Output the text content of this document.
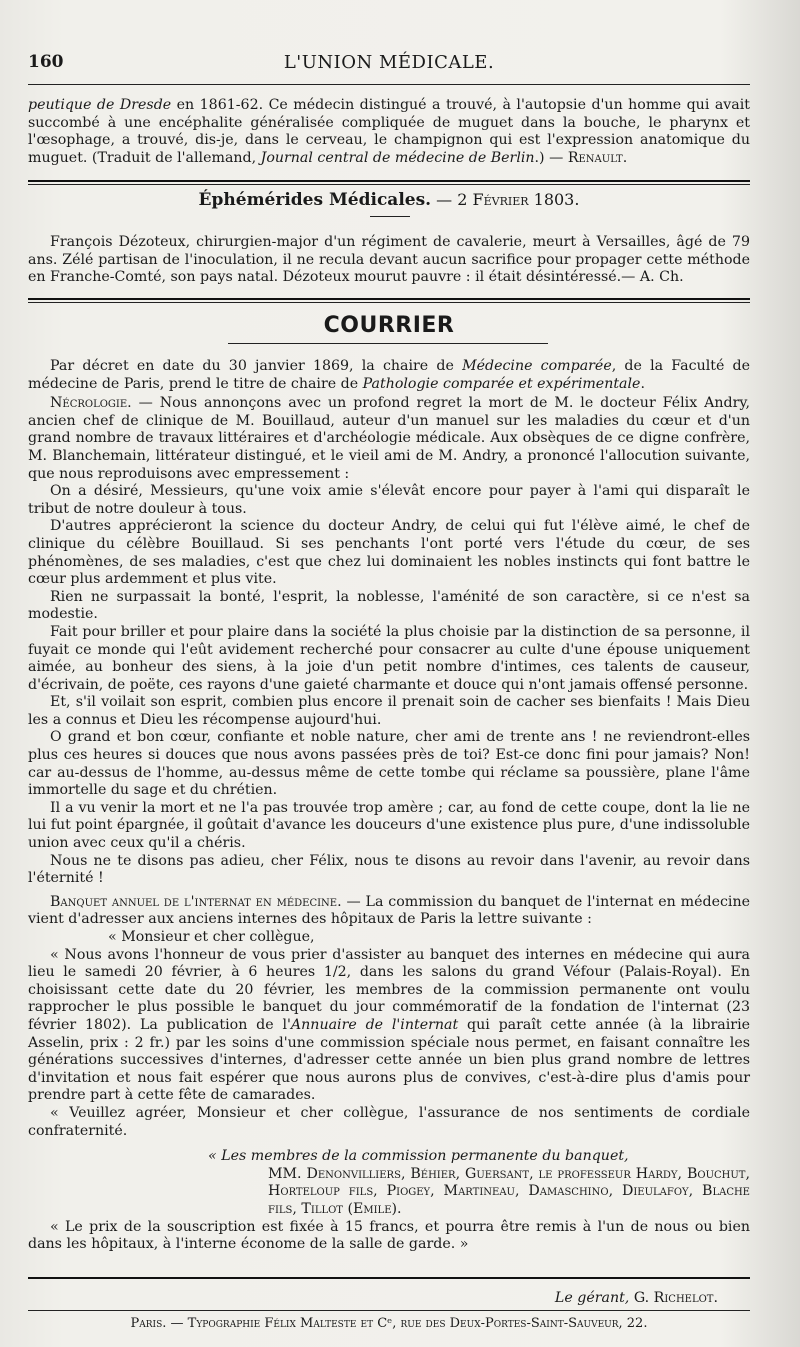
160	L'UNION MÉDICALE.

peutique de Dresde en 1861-62. Ce médecin distingué a trouvé, à l'autopsie d'un homme qui avait succombé à une encéphalite généralisée compliquée de muguet dans la bouche, le pharynx et l'œsophage, a trouvé, dis-je, dans le cerveau, le champignon qui est l'expression anatomique du muguet. (Traduit de l'allemand, Journal central de médecine de Berlin.) — Renault.

Éphémérides Médicales. — 2 Février 1803.

François Dézoteux, chirurgien-major d'un régiment de cavalerie, meurt à Versailles, âgé de 79 ans. Zélé partisan de l'inoculation, il ne recula devant aucun sacrifice pour propager cette méthode en Franche-Comté, son pays natal. Dézoteux mourut pauvre : il était désintéressé.— A. Ch.

COURRIER

Par décret en date du 30 janvier 1869, la chaire de Médecine comparée, de la Faculté de médecine de Paris, prend le titre de chaire de Pathologie comparée et expérimentale.

Nécrologie. — Nous annonçons avec un profond regret la mort de M. le docteur Félix Andry, ancien chef de clinique de M. Bouillaud, auteur d'un manuel sur les maladies du cœur et d'un grand nombre de travaux littéraires et d'archéologie médicale. Aux obsèques de ce digne confrère, M. Blanchemain, littérateur distingué, et le vieil ami de M. Andry, a prononcé l'allocution suivante, que nous reproduisons avec empressement :

On a désiré, Messieurs, qu'une voix amie s'élevât encore pour payer à l'ami qui disparaît le tribut de notre douleur à tous.

D'autres apprécieront la science du docteur Andry, de celui qui fut l'élève aimé, le chef de clinique du célèbre Bouillaud. Si ses penchants l'ont porté vers l'étude du cœur, de ses phénomènes, de ses maladies, c'est que chez lui dominaient les nobles instincts qui font battre le cœur plus ardemment et plus vite.

Rien ne surpassait la bonté, l'esprit, la noblesse, l'aménité de son caractère, si ce n'est sa modestie.

Fait pour briller et pour plaire dans la société la plus choisie par la distinction de sa personne, il fuyait ce monde qui l'eût avidement recherché pour consacrer au culte d'une épouse uniquement aimée, au bonheur des siens, à la joie d'un petit nombre d'intimes, ces talents de causeur, d'écrivain, de poëte, ces rayons d'une gaieté charmante et douce qui n'ont jamais offensé personne.

Et, s'il voilait son esprit, combien plus encore il prenait soin de cacher ses bienfaits ! Mais Dieu les a connus et Dieu les récompense aujourd'hui.

O grand et bon cœur, confiante et noble nature, cher ami de trente ans ! ne reviendront-elles plus ces heures si douces que nous avons passées près de toi? Est-ce donc fini pour jamais? Non! car au-dessus de l'homme, au-dessus même de cette tombe qui réclame sa poussière, plane l'âme immortelle du sage et du chrétien.

Il a vu venir la mort et ne l'a pas trouvée trop amère ; car, au fond de cette coupe, dont la lie ne lui fut point épargnée, il goûtait d'avance les douceurs d'une existence plus pure, d'une indissoluble union avec ceux qu'il a chéris.

Nous ne te disons pas adieu, cher Félix, nous te disons au revoir dans l'avenir, au revoir dans l'éternité !

Banquet annuel de l'internat en médecine. — La commission du banquet de l'internat en médecine vient d'adresser aux anciens internes des hôpitaux de Paris la lettre suivante :

« Monsieur et cher collègue,

« Nous avons l'honneur de vous prier d'assister au banquet des internes en médecine qui aura lieu le samedi 20 février, à 6 heures 1/2, dans les salons du grand Véfour (Palais-Royal). En choisissant cette date du 20 février, les membres de la commission permanente ont voulu rapprocher le plus possible le banquet du jour commémoratif de la fondation de l'internat (23 février 1802). La publication de l'Annuaire de l'internat qui paraît cette année (à la librairie Asselin, prix : 2 fr.) par les soins d'une commission spéciale nous permet, en faisant connaître les générations successives d'internes, d'adresser cette année un bien plus grand nombre de lettres d'invitation et nous fait espérer que nous aurons plus de convives, c'est-à-dire plus d'amis pour prendre part à cette fête de camarades.

« Veuillez agréer, Monsieur et cher collègue, l'assurance de nos sentiments de cordiale confraternité.

« Les membres de la commission permanente du banquet,

MM. Denonvilliers, Béhier, Guersant, le professeur Hardy, Bouchut, Horteloup fils, Piogey, Martineau, Damaschino, Dieulafoy, Blache fils, Tillot (Emile).

« Le prix de la souscription est fixée à 15 francs, et pourra être remis à l'un de nous ou bien dans les hôpitaux, à l'interne économe de la salle de garde. »

Le gérant, G. Richelot.
Paris. — Typographie Félix Malteste et Cᵉ, rue des Deux-Portes-Saint-Sauveur, 22.
